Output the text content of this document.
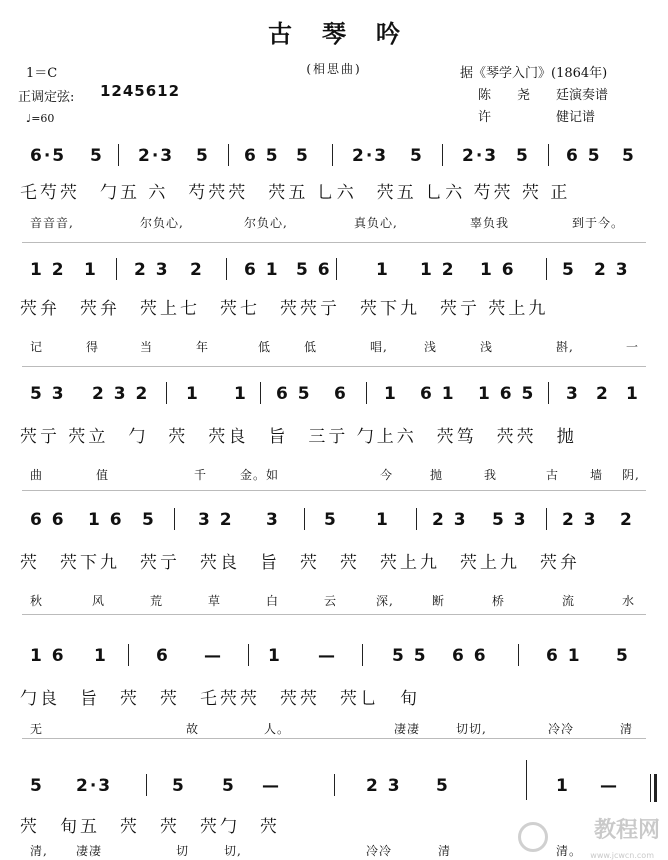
古琴吟
(相思曲)
1＝C
正调定弦: 1245612
♩=60
据《琴学入门》(1864年)
陈　　尧　　廷演奏谱
许　　　　　健记谱
6·5 5 2·3 5 6 5 5 2·3 5 2·3 5 6 5 5
乇芍茓　勹五 六　芍茓茓　茓五 乚六　茓五 乚六 芍茓 茓 正
音音音,	尔负心,	尔负心,	真负心,	辜负我	到于今。
1 2 1 2 3 2 6 1 5 6	1 1 2 1 6	5 2 3
茓弁　茓弁　茓上七　茓七　茓茓亍　茓下九　茓亍 茓上九
记	得	当	年	低	低	唱,	浅	浅	斟,	一
5 3 2 3 2 1 1 6 5 6 1 6 1 1 6 5 3 2 1
茓亍 茓立　勹　茓　茓良　旨　三亍 勹上六　茓笃　茓茓　抛
曲	值	千	金。如	今	抛	我	古	墙 阴,
6 6 1 6 5 3 2 3	5 1 2 3 5 3 2 3 2
茓　茓下九　茓亍　茓良　旨　茓　茓　茓上九　茓上九　茓弁
秋	风	荒	草	白	云	深,	断	桥	流	水
1 6 1	6 —	1 —	5 5 6 6	6 1 5
勹良　旨　茓　茓　乇茓茓　茓茓　茓乚　旬
无	故	人。	凄凄	切切,	冷冷	清
5 2·3	5 5 —	2 3 5	1 —
茓　旬五　茓　茓　茓勹　茓
清, 凄凄	切	切,	冷冷	清	清。
教程网
www.jcwcn.com
